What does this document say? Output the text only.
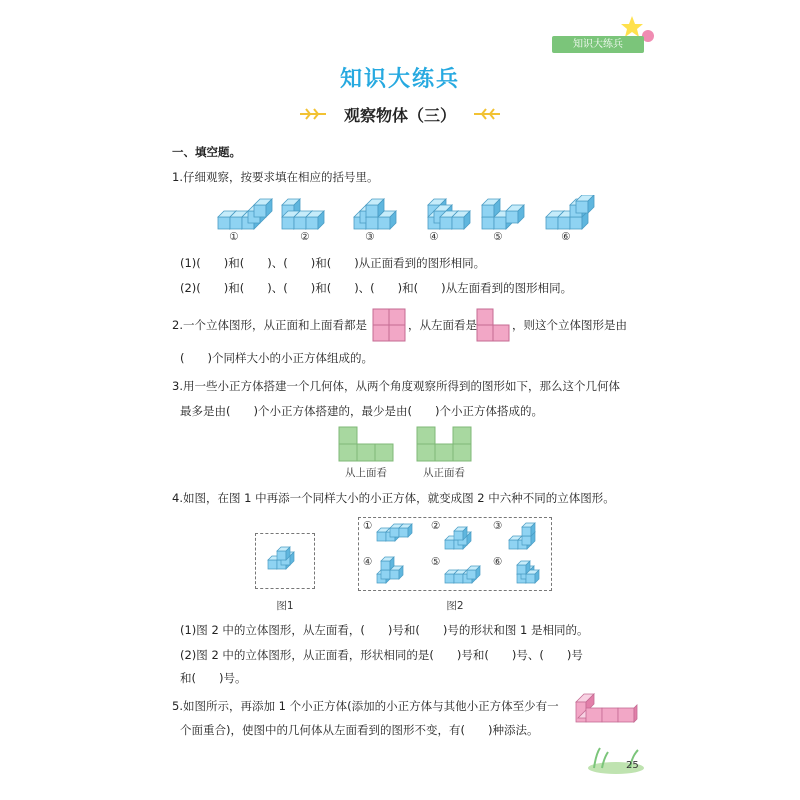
知识大练兵
知识大练兵
观察物体（三）
一、填空题。
1.仔细观察，按要求填在相应的括号里。
①	②	③	④	⑤	⑥
(1)(　　)和(　　)、(　　)和(　　)从正面看到的图形相同。
(2)(　　)和(　　)、(　　)和(　　)、(　　)和(　　)从左面看到的图形相同。
2.一个立体图形，从正面和上面看都是	，从左面看是	，则这个立体图形是由
(　　)个同样大小的小正方体组成的。
3.用一些小正方体搭建一个几何体，从两个角度观察所得到的图形如下，那么这个几何体
最多是由(　　)个小正方体搭建的，最少是由(　　)个小正方体搭成的。
从上面看	从正面看
4.如图，在图 1 中再添一个同样大小的小正方体，就变成图 2 中六种不同的立体图形。
图1
①	②	③
④	⑤	⑥
图2
(1)图 2 中的立体图形，从左面看，(　　)号和(　　)号的形状和图 1 是相同的。
(2)图 2 中的立体图形，从正面看，形状相同的是(　　)号和(　　)号、(　　)号
和(　　)号。
5.如图所示，再添加 1 个小正方体(添加的小正方体与其他小正方体至少有一
个面重合)，使图中的几何体从左面看到的图形不变，有(　　)种添法。
25
